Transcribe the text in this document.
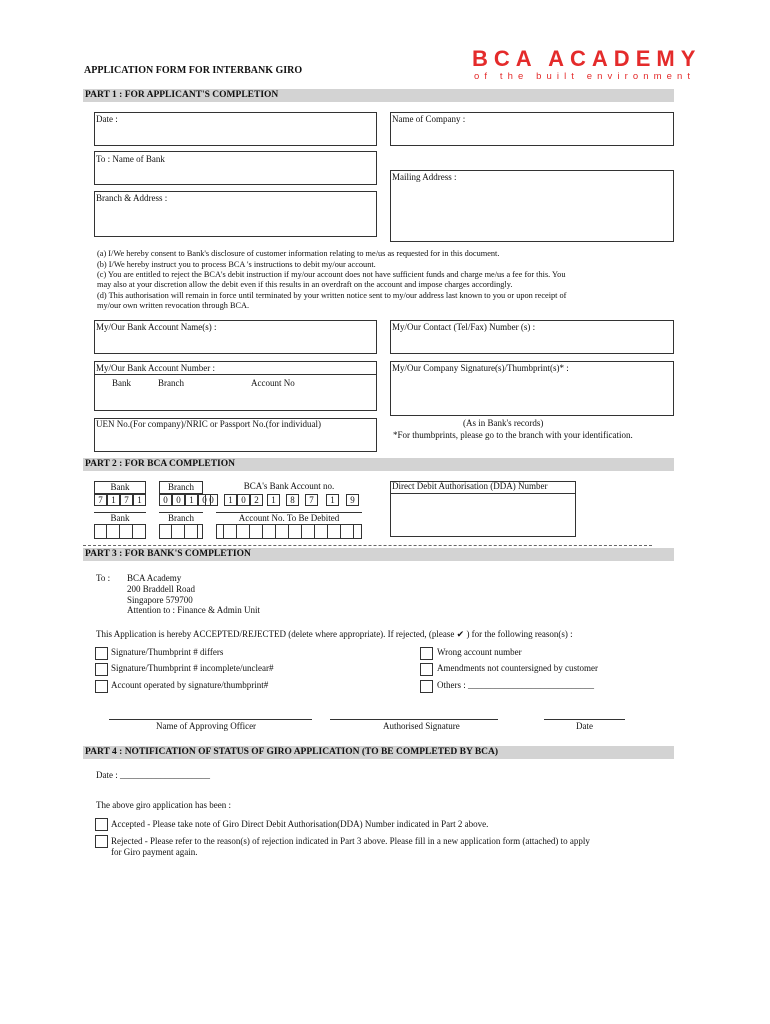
APPLICATION FORM FOR INTERBANK GIRO	BCA ACADEMY
of the built environment
PART 1 : FOR APPLICANT'S COMPLETION
Date :	Name of Company :
To : Name of Bank
Mailing Address :
Branch & Address :
(a) I/We hereby consent to Bank's disclosure of customer information relating to me/us as requested for in this document.
(b) I/We hereby instruct you to process BCA 's instructions to debit my/our account.
(c) You are entitled to reject the BCA's debit instruction if my/our account does not have sufficient funds and charge me/us a fee for this. You
may also at your discretion allow the debit even if this results in an overdraft on the account and impose charges accordingly.
(d) This authorisation will remain in force until terminated by your written notice sent to my/our address last known to you or upon receipt of
my/our own written revocation through BCA.
My/Our Bank Account Name(s) :	My/Our Contact (Tel/Fax) Number (s) :
My/Our Bank Account Number :
Bank	Branch	Account No
My/Our Company Signature(s)/Thumbprint(s)* :
UEN No.(For company)/NRIC or Passport No.(for individual)	(As in Bank's records)
*For thumbprints, please go to the branch with your identification.
PART 2 : FOR BCA COMPLETION
Bank	Branch	BCA's Bank Account no.
7 1 7 1	0 0 1 0 0	1 0 2	1	8	7	1	9
Direct Debit Authorisation (DDA) Number
Bank	Branch	Account No. To Be Debited
PART 3 : FOR BANK'S COMPLETION
To : BCA Academy
200 Braddell Road
Singapore 579700
Attention to : Finance & Admin Unit
This Application is hereby ACCEPTED/REJECTED (delete where appropriate). If rejected, (please ✔ ) for the following reason(s) :
Signature/Thumbprint # differs
Signature/Thumbprint # incomplete/unclear#
Account operated by signature/thumbprint#
Wrong account number
Amendments not countersigned by customer
Others : ____________________________
Name of Approving Officer	Authorised Signature	Date
PART 4 : NOTIFICATION OF STATUS OF GIRO APPLICATION (TO BE COMPLETED BY BCA)
Date : ____________________
The above giro application has been :
Accepted - Please take note of Giro Direct Debit Authorisation(DDA) Number indicated in Part 2 above.
Rejected - Please refer to the reason(s) of rejection indicated in Part 3 above. Please fill in a new application form (attached) to apply
for Giro payment again.
